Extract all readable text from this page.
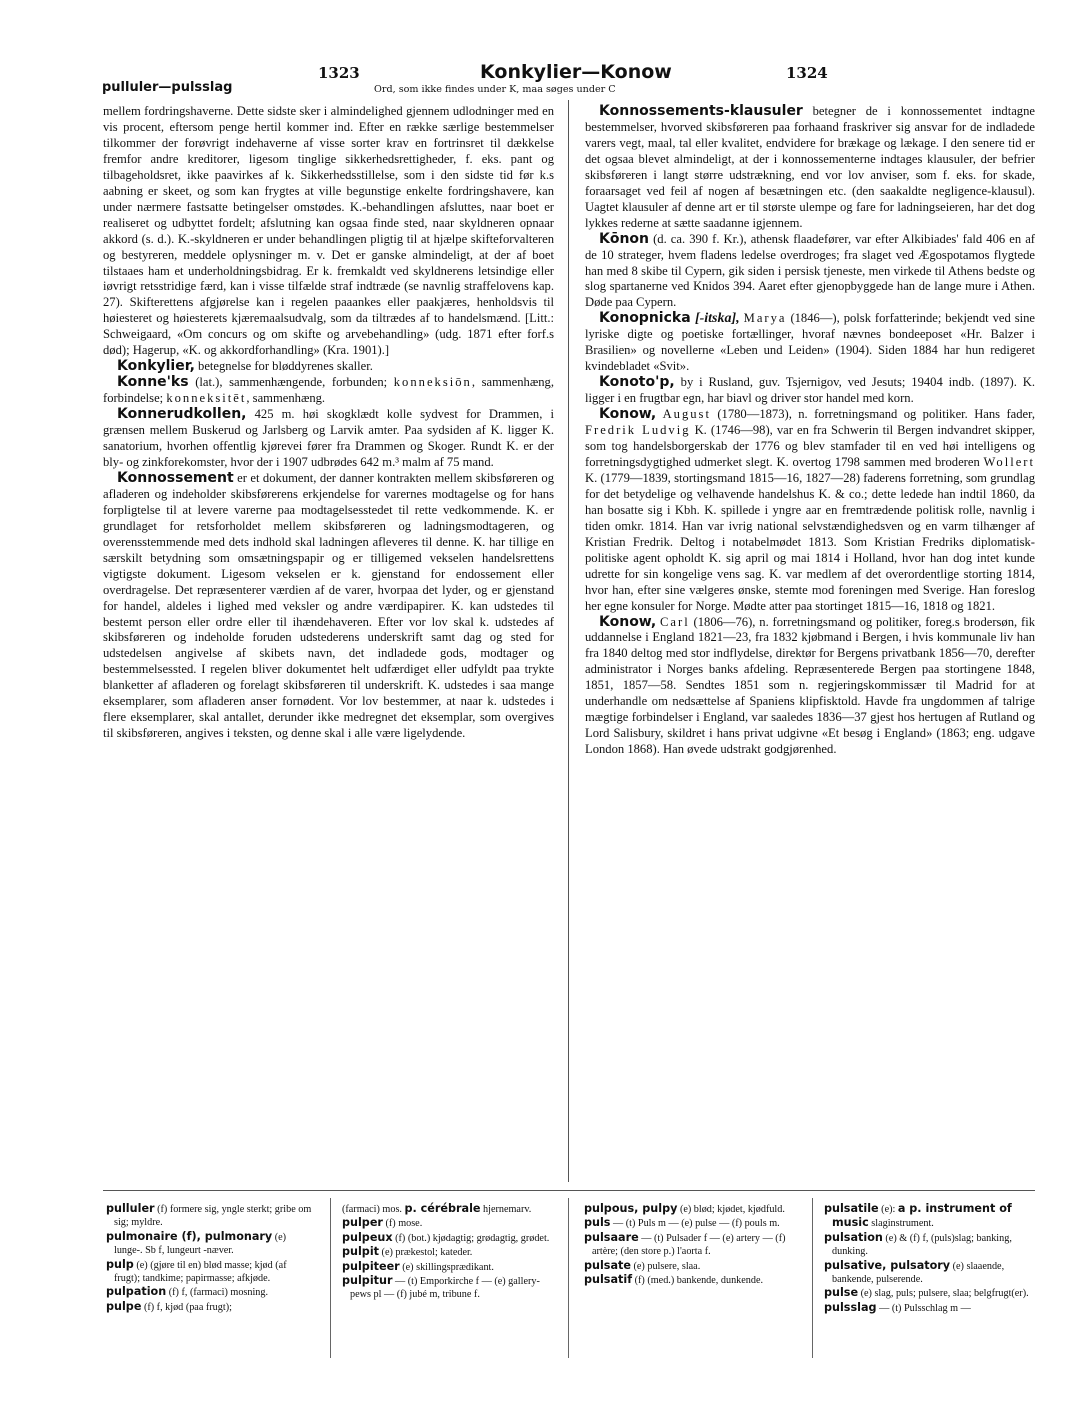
1323	Konkylier—Konow	1324
pulluler—pulsslag	Ord, som ikke findes under K, maa søges under C

mellem fordringshaverne. Dette sidste sker i almindelighed gjennem udlodninger med en vis procent, eftersom penge hertil kommer ind. Efter en række særlige bestemmelser tilkommer der forøvrigt indehaverne af visse sorter krav en fortrinsret til dækkelse fremfor andre kreditorer, ligesom tinglige sikkerhedsrettigheder, f. eks. pant og tilbageholdsret, ikke paavirkes af k. Sikkerhedsstillelse, som i den sidste tid før k.s aabning er skeet, og som kan frygtes at ville begunstige enkelte fordringshavere, kan under nærmere fastsatte betingelser omstødes. K.-behandlingen afsluttes, naar boet er realiseret og udbyttet fordelt; afslutning kan ogsaa finde sted, naar skyldneren opnaar akkord (s. d.). K.-skyldneren er under behandlingen pligtig til at hjælpe skifteforvalteren og bestyreren, meddele oplysninger m. v. Det er ganske almindeligt, at der af boet tilstaaes ham et underholdningsbidrag. Er k. fremkaldt ved skyldnerens letsindige eller iøvrigt retsstridige færd, kan i visse tilfælde straf indtræde (se navnlig straffelovens kap. 27). Skifterettens afgjørelse kan i regelen paaankes eller paakjæres, henholdsvis til høiesteret og høiesterets kjæremaalsudvalg, som da tiltrædes af to handelsmænd. [Litt.: Schweigaard, «Om concurs og om skifte og arvebehandling» (udg. 1871 efter forf.s død); Hagerup, «K. og akkordforhandling» (Kra. 1901).]

Konkylier, betegnelse for bløddyrenes skaller.

Konne'ks (lat.), sammenhængende, forbunden; konneksiōn, sammenhæng, forbindelse; konneksitēt, sammenhæng.

Konnerudkollen, 425 m. høi skogklædt kolle sydvest for Drammen, i grænsen mellem Buskerud og Jarlsberg og Larvik amter. Paa sydsiden af K. ligger K. sanatorium, hvorhen offentlig kjørevei fører fra Drammen og Skoger. Rundt K. er der bly- og zinkforekomster, hvor der i 1907 udbrødes 642 m.³ malm af 75 mand.

Konnossement er et dokument, der danner kontrakten mellem skibsføreren og afladeren og indeholder skibsførerens erkjendelse for varernes modtagelse og for hans forpligtelse til at levere varerne paa modtagelsesstedet til rette vedkommende. K. er grundlaget for retsforholdet mellem skibsføreren og ladningsmodtageren, og overensstemmende med dets indhold skal ladningen afleveres til denne. K. har tillige en særskilt betydning som omsætningspapir og er tilligemed vekselen handelsrettens vigtigste dokument. Ligesom vekselen er k. gjenstand for endossement eller overdragelse. Det repræsenterer værdien af de varer, hvorpaa det lyder, og er gjenstand for handel, aldeles i lighed med veksler og andre værdipapirer. K. kan udstedes til bestemt person eller ordre eller til ihændehaveren. Efter vor lov skal k. udstedes af skibsføreren og indeholde foruden udstederens underskrift samt dag og sted for udstedelsen angivelse af skibets navn, det indladede gods, modtager og bestemmelsessted. I regelen bliver dokumentet helt udfærdiget eller udfyldt paa trykte blanketter af afladeren og forelagt skibsføreren til underskrift. K. udstedes i saa mange eksemplarer, som afladeren anser fornødent. Vor lov bestemmer, at naar k. udstedes i flere eksemplarer, skal antallet, derunder ikke medregnet det eksemplar, som overgives til skibsføreren, angives i teksten, og denne skal i alle være ligelydende.

Konnossements-klausuler betegner de i konnossementet indtagne bestemmelser, hvorved skibsføreren paa forhaand fraskriver sig ansvar for de indladede varers vegt, maal, tal eller kvalitet, endvidere for brækage og lækage. I den senere tid er det ogsaa blevet almindeligt, at der i konnossementerne indtages klausuler, der befrier skibsføreren i langt større udstrækning, end vor lov anviser, som f. eks. for skade, foraarsaget ved feil af nogen af besætningen etc. (den saakaldte negligence-klausul). Uagtet klausuler af denne art er til største ulempe og fare for ladningseieren, har det dog lykkes rederne at sætte saadanne igjennem.

Kōnon (d. ca. 390 f. Kr.), athensk flaadefører, var efter Alkibiades' fald 406 en af de 10 strateger, hvem fladens ledelse overdroges; fra slaget ved Ægospotamos flygtede han med 8 skibe til Cypern, gik siden i persisk tjeneste, men virkede til Athens bedste og slog spartanerne ved Knidos 394. Aaret efter gjenopbyggede han de lange mure i Athen. Døde paa Cypern.

Konopnicka [-itska], Marya (1846—), polsk forfatterinde; bekjendt ved sine lyriske digte og poetiske fortællinger, hvoraf nævnes bondeeposet «Hr. Balzer i Brasilien» og novellerne «Leben und Leiden» (1904). Siden 1884 har hun redigeret kvindebladet «Svit».

Konoto'p, by i Rusland, guv. Tsjernigov, ved Jesuts; 19404 indb. (1897). K. ligger i en frugtbar egn, har biavl og driver stor handel med korn.

Konow, August (1780—1873), n. forretningsmand og politiker. Hans fader, Fredrik Ludvig K. (1746—98), var en fra Schwerin til Bergen indvandret skipper, som tog handelsborgerskab der 1776 og blev stamfader til en ved høi intelligens og forretningsdygtighed udmerket slegt. K. overtog 1798 sammen med broderen Wollert K. (1779—1839, stortingsmand 1815—16, 1827—28) faderens forretning, som grundlag for det betydelige og velhavende handelshus K. & co.; dette ledede han indtil 1860, da han bosatte sig i Kbh. K. spillede i yngre aar en fremtrædende politisk rolle, navnlig i tiden omkr. 1814. Han var ivrig national selvstændighedsven og en varm tilhænger af Kristian Fredrik. Deltog i notabelmødet 1813. Som Kristian Fredriks diplomatisk-politiske agent opholdt K. sig april og mai 1814 i Holland, hvor han dog intet kunde udrette for sin kongelige vens sag. K. var medlem af det overordentlige storting 1814, hvor han, efter sine vælgeres ønske, stemte mod foreningen med Sverige. Han foreslog her egne konsuler for Norge. Mødte atter paa stortinget 1815—16, 1818 og 1821.

Konow, Carl (1806—76), n. forretningsmand og politiker, foreg.s brodersøn, fik uddannelse i England 1821—23, fra 1832 kjøbmand i Bergen, i hvis kommunale liv han fra 1840 deltog med stor indflydelse, direktør for Bergens privatbank 1856—70, derefter administrator i Norges banks afdeling. Repræsenterede Bergen paa stortingene 1848, 1851, 1857—58. Sendtes 1851 som n. regjeringskommissær til Madrid for at underhandle om nedsættelse af Spaniens klipfisktold. Havde fra ungdommen af talrige mægtige forbindelser i England, var saaledes 1836—37 gjest hos hertugen af Rutland og Lord Salisbury, skildret i hans privat udgivne «Et besøg i England» (1863; eng. udgave London 1868). Han øvede udstrakt godgjørenhed.

pulluler (f) formere sig, yngle sterkt; gribe om sig; myldre.

pulmonaire (f), pulmonary (e) lunge-. Sb f, lungeurt -næver.

pulp (e) (gjøre til en) blød masse; kjød (af frugt); tandkime; papirmasse; afkjøde.

pulpation (f) f, (farmaci) mosning.

pulpe (f) f, kjød (paa frugt);

(farmaci) mos. p. cérébrale hjernemarv.

pulper (f) mose.

pulpeux (f) (bot.) kjødagtig; grødagtig, grødet.

pulpit (e) prækestol; kateder.

pulpiteer (e) skillingsprædikant.

pulpitur — (t) Emporkirche f — (e) gallery-pews pl — (f) jubé m, tribune f.

pulpous, pulpy (e) blød; kjødet, kjødfuld.

puls — (t) Puls m — (e) pulse — (f) pouls m.

pulsaare — (t) Pulsader f — (e) artery — (f) artère; (den store p.) l'aorta f.

pulsate (e) pulsere, slaa.

pulsatif (f) (med.) bankende, dunkende.

pulsatile (e): a p. instrument of music slaginstrument.

pulsation (e) & (f) f, (puls)slag; banking, dunking.

pulsative, pulsatory (e) slaaende, bankende, pulserende.

pulse (e) slag, puls; pulsere, slaa; belgfrugt(er).

pulsslag — (t) Pulsschlag m —
